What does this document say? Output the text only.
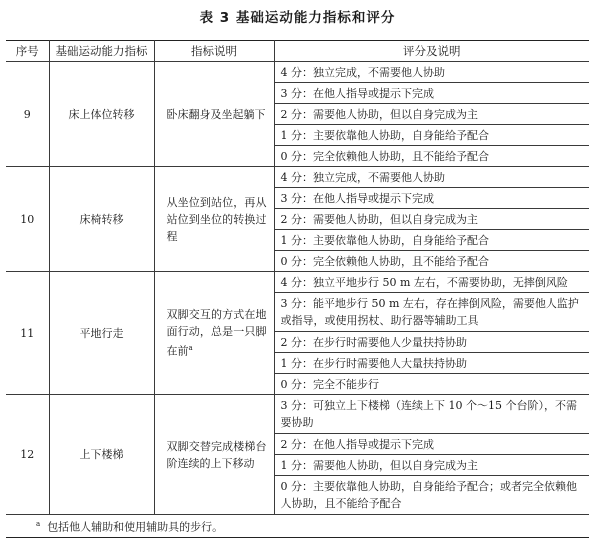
表 3 基础运动能力指标和评分
序号	基础运动能力指标	指标说明	评分及说明
9	床上体位转移	卧床翻身及坐起躺下	4 分：独立完成，不需要他人协助
			3 分：在他人指导或提示下完成
			2 分：需要他人协助，但以自身完成为主
			1 分：主要依靠他人协助，自身能给予配合
			0 分：完全依赖他人协助，且不能给予配合
10	床椅转移	从坐位到站位，再从站位到坐位的转换过程	4 分：独立完成，不需要他人协助
			3 分：在他人指导或提示下完成
			2 分：需要他人协助，但以自身完成为主
			1 分：主要依靠他人协助，自身能给予配合
			0 分：完全依赖他人协助，且不能给予配合
11	平地行走	双脚交互的方式在地面行动，总是一只脚在前$^a$	4 分：独立平地步行 50 m 左右，不需要协助，无摔倒风险
			3 分：能平地步行 50 m 左右，存在摔倒风险，需要他人监护或指导，或使用拐杖、助行器等辅助工具
			2 分：在步行时需要他人少量扶持协助
			1 分：在步行时需要他人大量扶持协助
			0 分：完全不能步行
12	上下楼梯	双脚交替完成楼梯台阶连续的上下移动	3 分：可独立上下楼梯（连续上下 10 个～15 个台阶），不需要协助
			2 分：在他人指导或提示下完成
			1 分：需要他人协助，但以自身完成为主
			0 分：主要依靠他人协助，自身能给予配合；或者完全依赖他人协助，且不能给予配合
$^a$ 包括他人辅助和使用辅助具的步行。			
